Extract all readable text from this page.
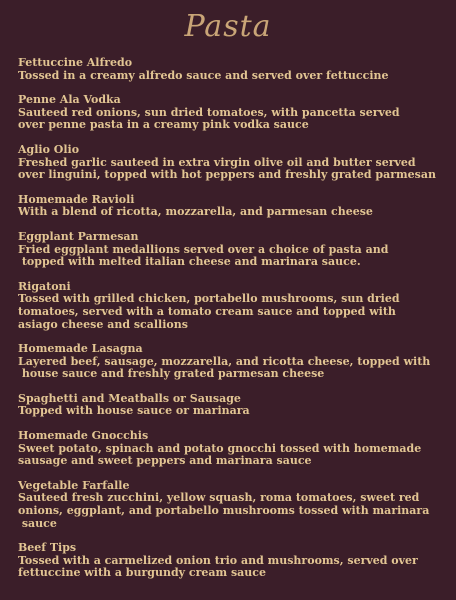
Pasta
Fettuccine Alfredo
Tossed in a creamy alfredo sauce and served over fettuccine
Penne Ala Vodka
Sauteed red onions, sun dried tomatoes, with pancetta served
over penne pasta in a creamy pink vodka sauce
Aglio Olio
Freshed garlic sauteed in extra virgin olive oil and butter served
over linguini, topped with hot peppers and freshly grated parmesan
Homemade Ravioli
With a blend of ricotta, mozzarella, and parmesan cheese
Eggplant Parmesan
Fried eggplant medallions served over a choice of pasta and
topped with melted italian cheese and marinara sauce.
Rigatoni
Tossed with grilled chicken, portabello mushrooms, sun dried
tomatoes, served with a tomato cream sauce and topped with
asiago cheese and scallions
Homemade Lasagna
Layered beef, sausage, mozzarella, and ricotta cheese, topped with
house sauce and freshly grated parmesan cheese
Spaghetti and Meatballs or Sausage
Topped with house sauce or marinara
Homemade Gnocchis
Sweet potato, spinach and potato gnocchi tossed with homemade
sausage and sweet peppers and marinara sauce
Vegetable Farfalle
Sauteed fresh zucchini, yellow squash, roma tomatoes, sweet red
onions, eggplant, and portabello mushrooms tossed with marinara
sauce
Beef Tips
Tossed with a carmelized onion trio and mushrooms, served over
fettuccine with a burgundy cream sauce
